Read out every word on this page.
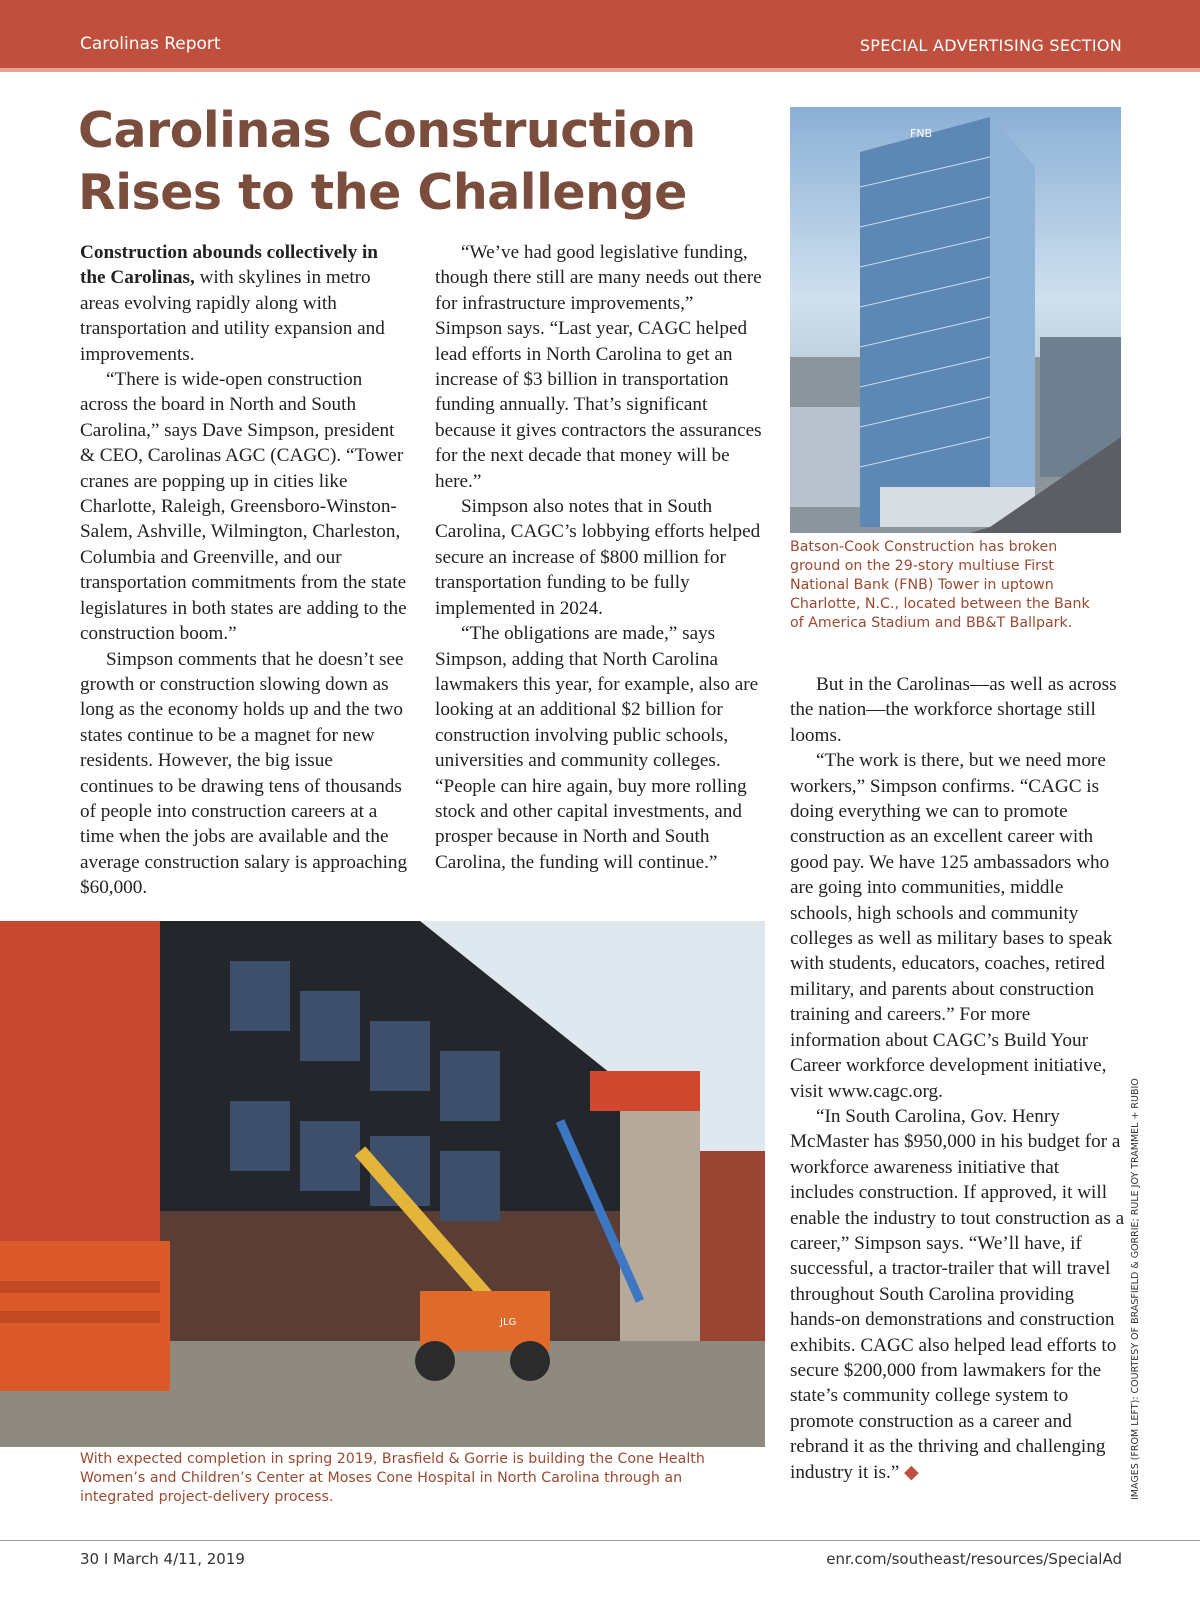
Carolinas Report	SPECIAL ADVERTISING SECTION
Carolinas Construction Rises to the Challenge

Construction abounds collectively in the Carolinas, with skylines in metro areas evolving rapidly along with transportation and utility expansion and improvements.

“There is wide-open construction across the board in North and South Carolina,” says Dave Simpson, president & CEO, Carolinas AGC (CAGC). “Tower cranes are popping up in cities like Charlotte, Raleigh, Greensboro-Winston-Salem, Ashville, Wilmington, Charleston, Columbia and Greenville, and our transportation commitments from the state legislatures in both states are adding to the construction boom.”

Simpson comments that he doesn’t see growth or construction slowing down as long as the economy holds up and the two states continue to be a magnet for new residents. However, the big issue continues to be drawing tens of thousands of people into construction careers at a time when the jobs are available and the average construction salary is approaching $60,000.

“We’ve had good legislative funding, though there still are many needs out there for infrastructure improvements,” Simpson says. “Last year, CAGC helped lead efforts in North Carolina to get an increase of $3 billion in transportation funding annually. That’s significant because it gives contractors the assurances for the next decade that money will be here.”

Simpson also notes that in South Carolina, CAGC’s lobbying efforts helped secure an increase of $800 million for transportation funding to be fully implemented in 2024.

“The obligations are made,” says Simpson, adding that North Carolina lawmakers this year, for example, also are looking at an additional $2 billion for construction involving public schools, universities and community colleges. “People can hire again, buy more rolling stock and other capital investments, and prosper because in North and South Carolina, the funding will continue.”

FNB
Batson-Cook Construction has broken ground on the 29-story multiuse First National Bank (FNB) Tower in uptown Charlotte, N.C., located between the Bank of America Stadium and BB&T Ballpark.
JLG
With expected completion in spring 2019, Brasfield & Gorrie is building the Cone Health Women’s and Children’s Center at Moses Cone Hospital in North Carolina through an integrated project-delivery process.

But in the Carolinas—as well as across the nation—the workforce shortage still looms.

“The work is there, but we need more workers,” Simpson confirms. “CAGC is doing everything we can to promote construction as an excellent career with good pay. We have 125 ambassadors who are going into communities, middle schools, high schools and community colleges as well as military bases to speak with students, educators, coaches, retired military, and parents about construction training and careers.” For more information about CAGC’s Build Your Career workforce development initiative, visit www.cagc.org.

“In South Carolina, Gov. Henry McMaster has $950,000 in his budget for a workforce awareness initiative that includes construction. If approved, it will enable the industry to tout construction as a career,” Simpson says. “We’ll have, if successful, a tractor-trailer that will travel throughout South Carolina providing hands-on demonstrations and construction exhibits. CAGC also helped lead efforts to secure $200,000 from lawmakers for the state’s community college system to promote construction as a career and rebrand it as the thriving and challenging industry it is.” ◆	IMAGES (FROM LEFT): COURTESY OF BRASFIELD & GORRIE; RULE JOY TRAMMEL + RUBIO
30 I March 4/11, 2019	enr.com/southeast/resources/SpecialAd
